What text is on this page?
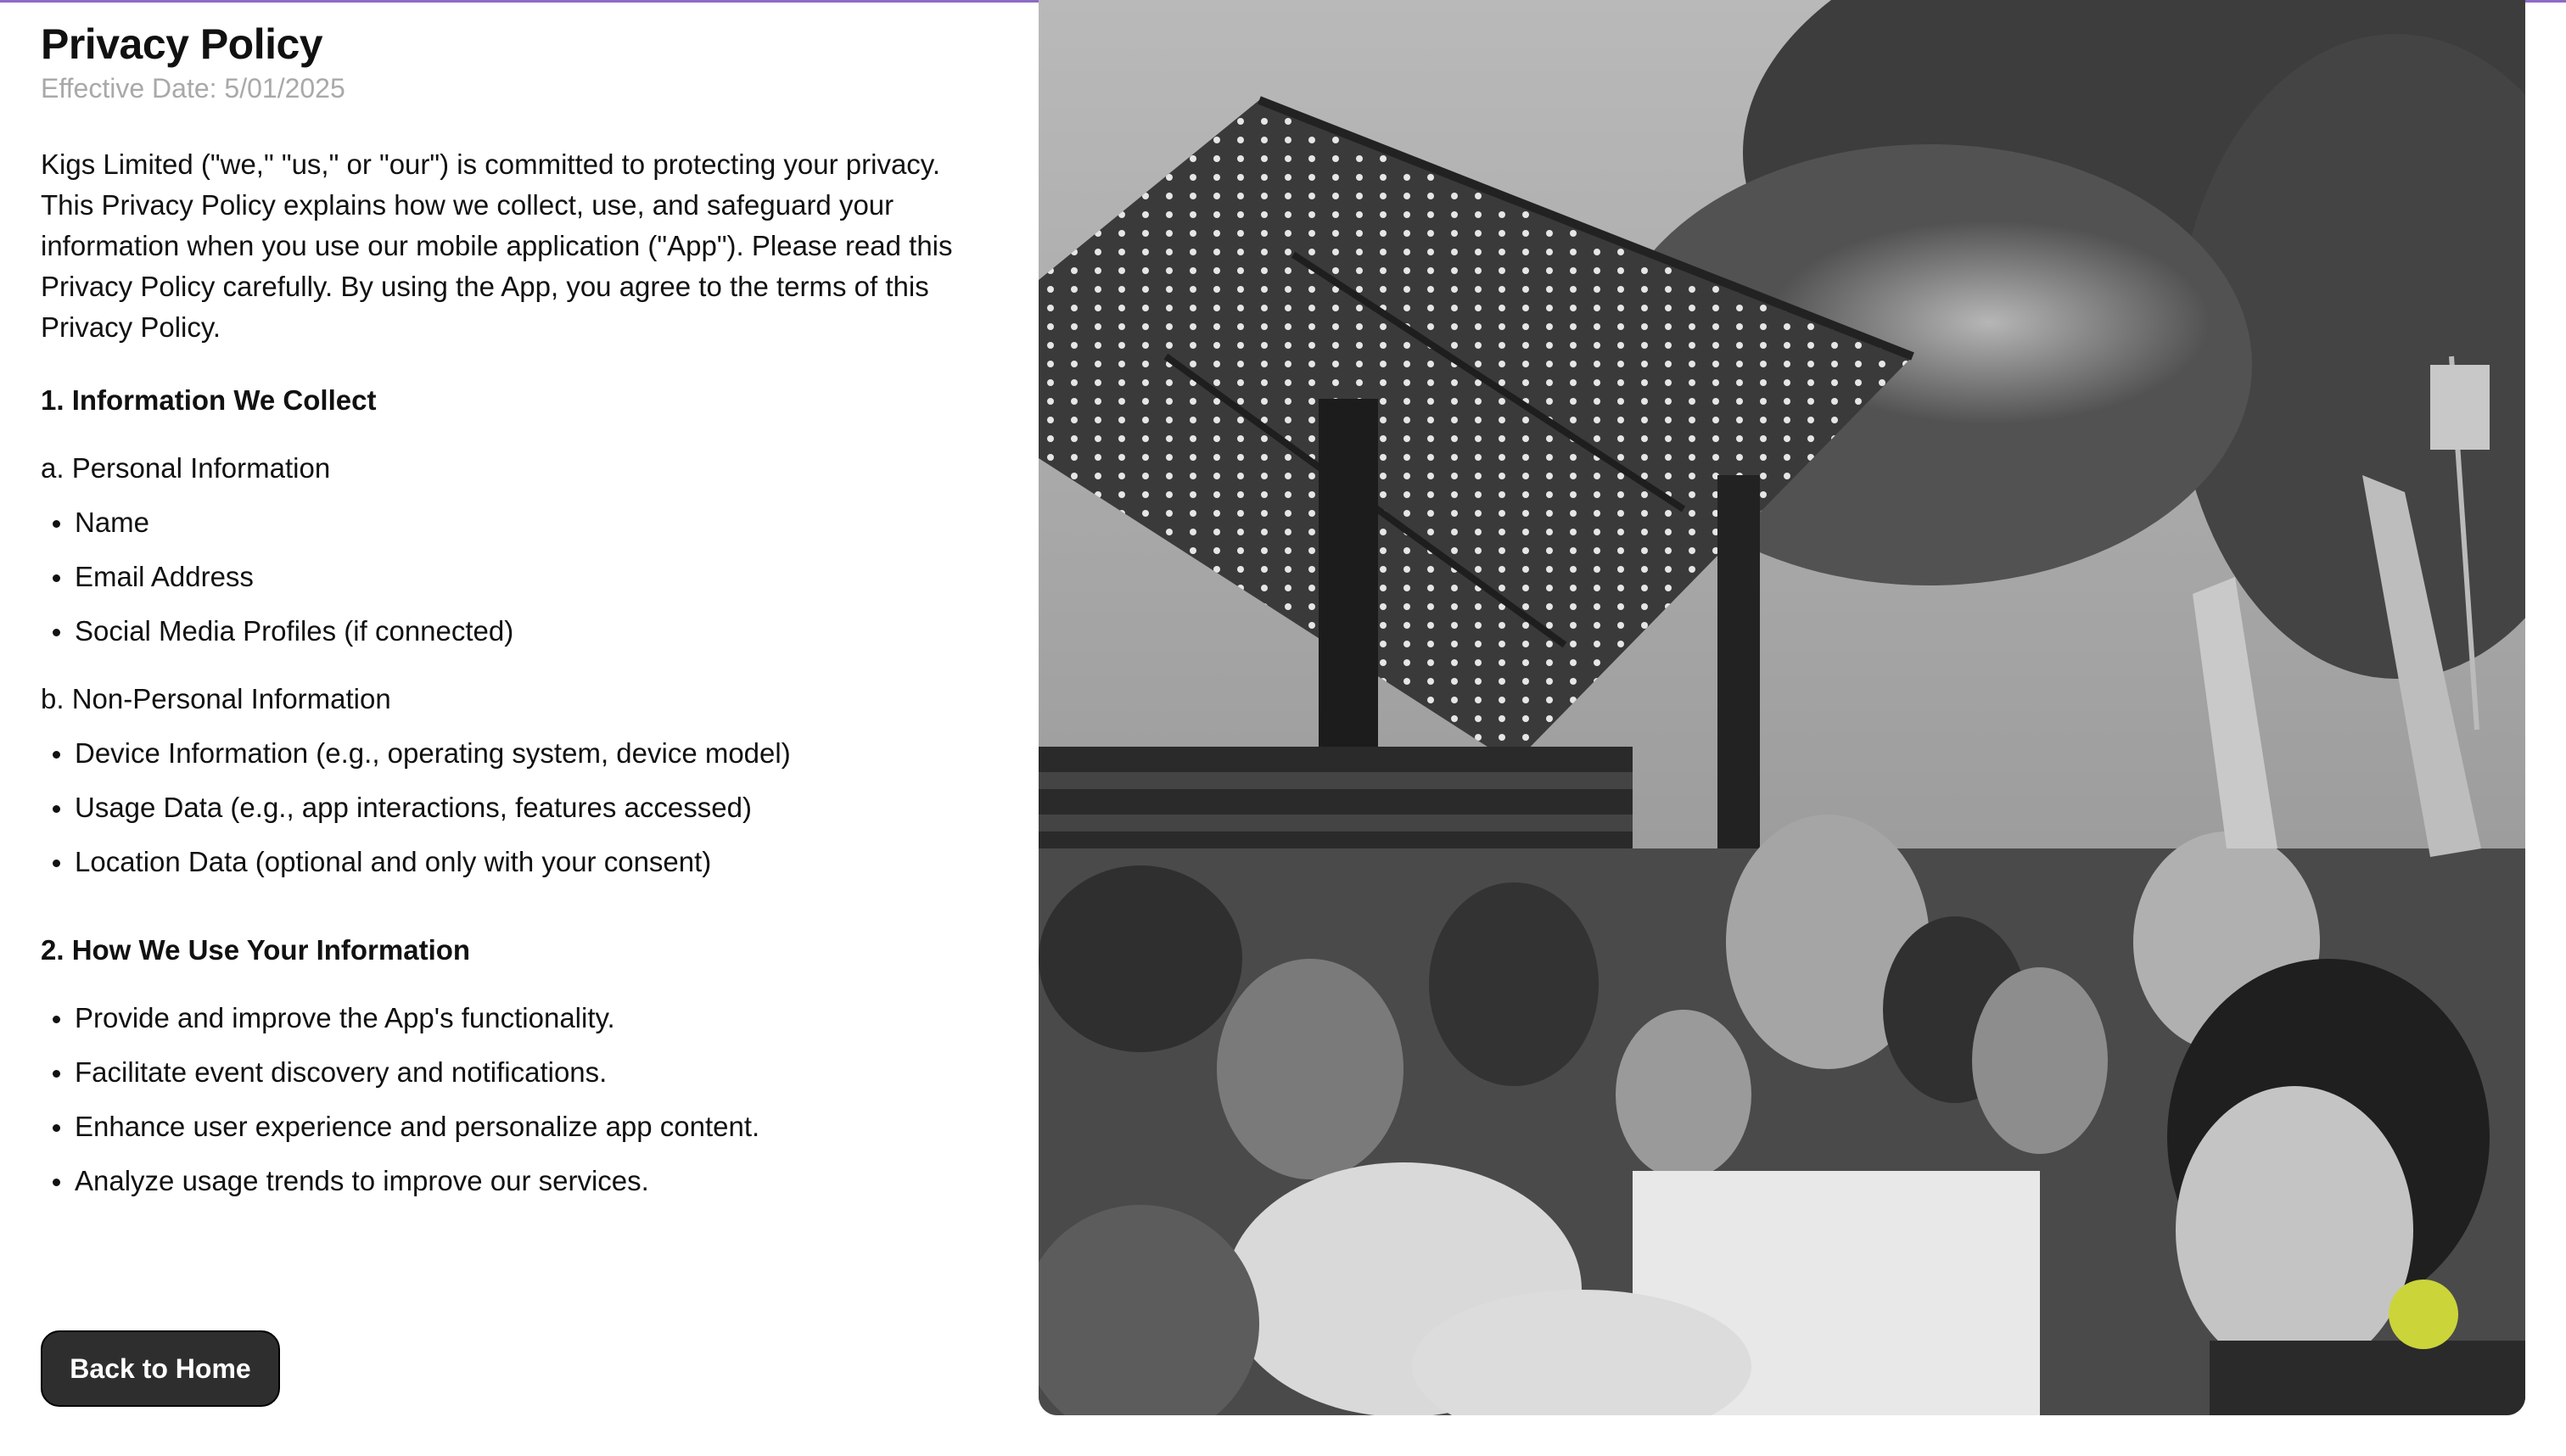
Privacy Policy
Effective Date: 5/01/2025
Kigs Limited ("we," "us," or "our") is committed to protecting your privacy. This Privacy Policy explains how we collect, use, and safeguard your information when you use our mobile application ("App"). Please read this Privacy Policy carefully. By using the App, you agree to the terms of this Privacy Policy.
1. Information We Collect
a. Personal Information
Name
Email Address
Social Media Profiles (if connected)
b. Non-Personal Information
Device Information (e.g., operating system, device model)
Usage Data (e.g., app interactions, features accessed)
Location Data (optional and only with your consent)
2. How We Use Your Information
Provide and improve the App's functionality.
Facilitate event discovery and notifications.
Enhance user experience and personalize app content.
Analyze usage trends to improve our services.
Back to Home
